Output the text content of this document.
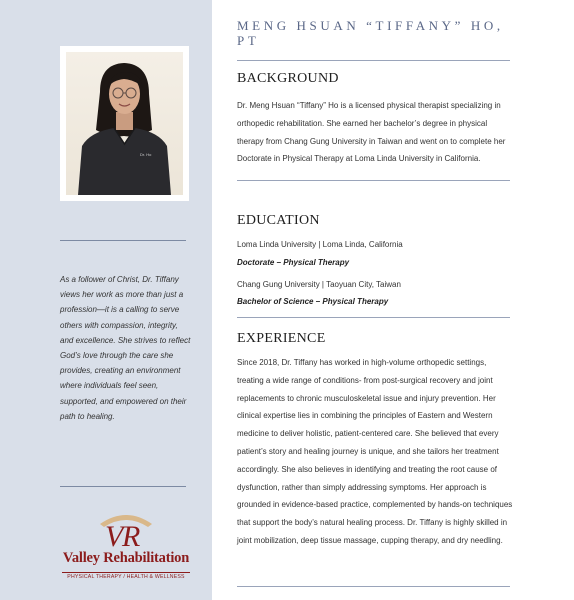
Dr. Ho
As a follower of Christ, Dr. Tiffany views her work as more than just a profession—it is a calling to serve others with compassion, integrity, and excellence. She strives to reflect God’s love through the care she provides, creating an environment where individuals feel seen, supported, and empowered on their path to healing.
V
R
Valley Rehabilitation
PHYSICAL THERAPY / HEALTH & WELLNESS
MENG HSUAN “TIFFANY” HO, PT
BACKGROUND
Dr. Meng Hsuan “Tiffany” Ho is a licensed physical therapist specializing in orthopedic rehabilitation. She earned her bachelor’s degree in physical therapy from Chang Gung University in Taiwan and went on to complete her Doctorate in Physical Therapy at Loma Linda University in California.
EDUCATION
Loma Linda University | Loma Linda, California
Doctorate – Physical Therapy
Chang Gung University | Taoyuan City, Taiwan
Bachelor of Science – Physical Therapy
EXPERIENCE
Since 2018, Dr. Tiffany has worked in high-volume orthopedic settings, treating a wide range of conditions- from post-surgical recovery and joint replacements to chronic musculoskeletal issue and injury prevention. Her clinical expertise lies in combining the principles of Eastern and Western medicine to deliver holistic, patient-centered care. She believed that every patient’s story and healing journey is unique, and she tailors her treatment accordingly. She also believes in identifying and treating the root cause of dysfunction, rather than simply addressing symptoms. Her approach is grounded in evidence-based practice, complemented by hands-on techniques that support the body’s natural healing process. Dr. Tiffany is highly skilled in joint mobilization, deep tissue massage, cupping therapy, and dry needling.
